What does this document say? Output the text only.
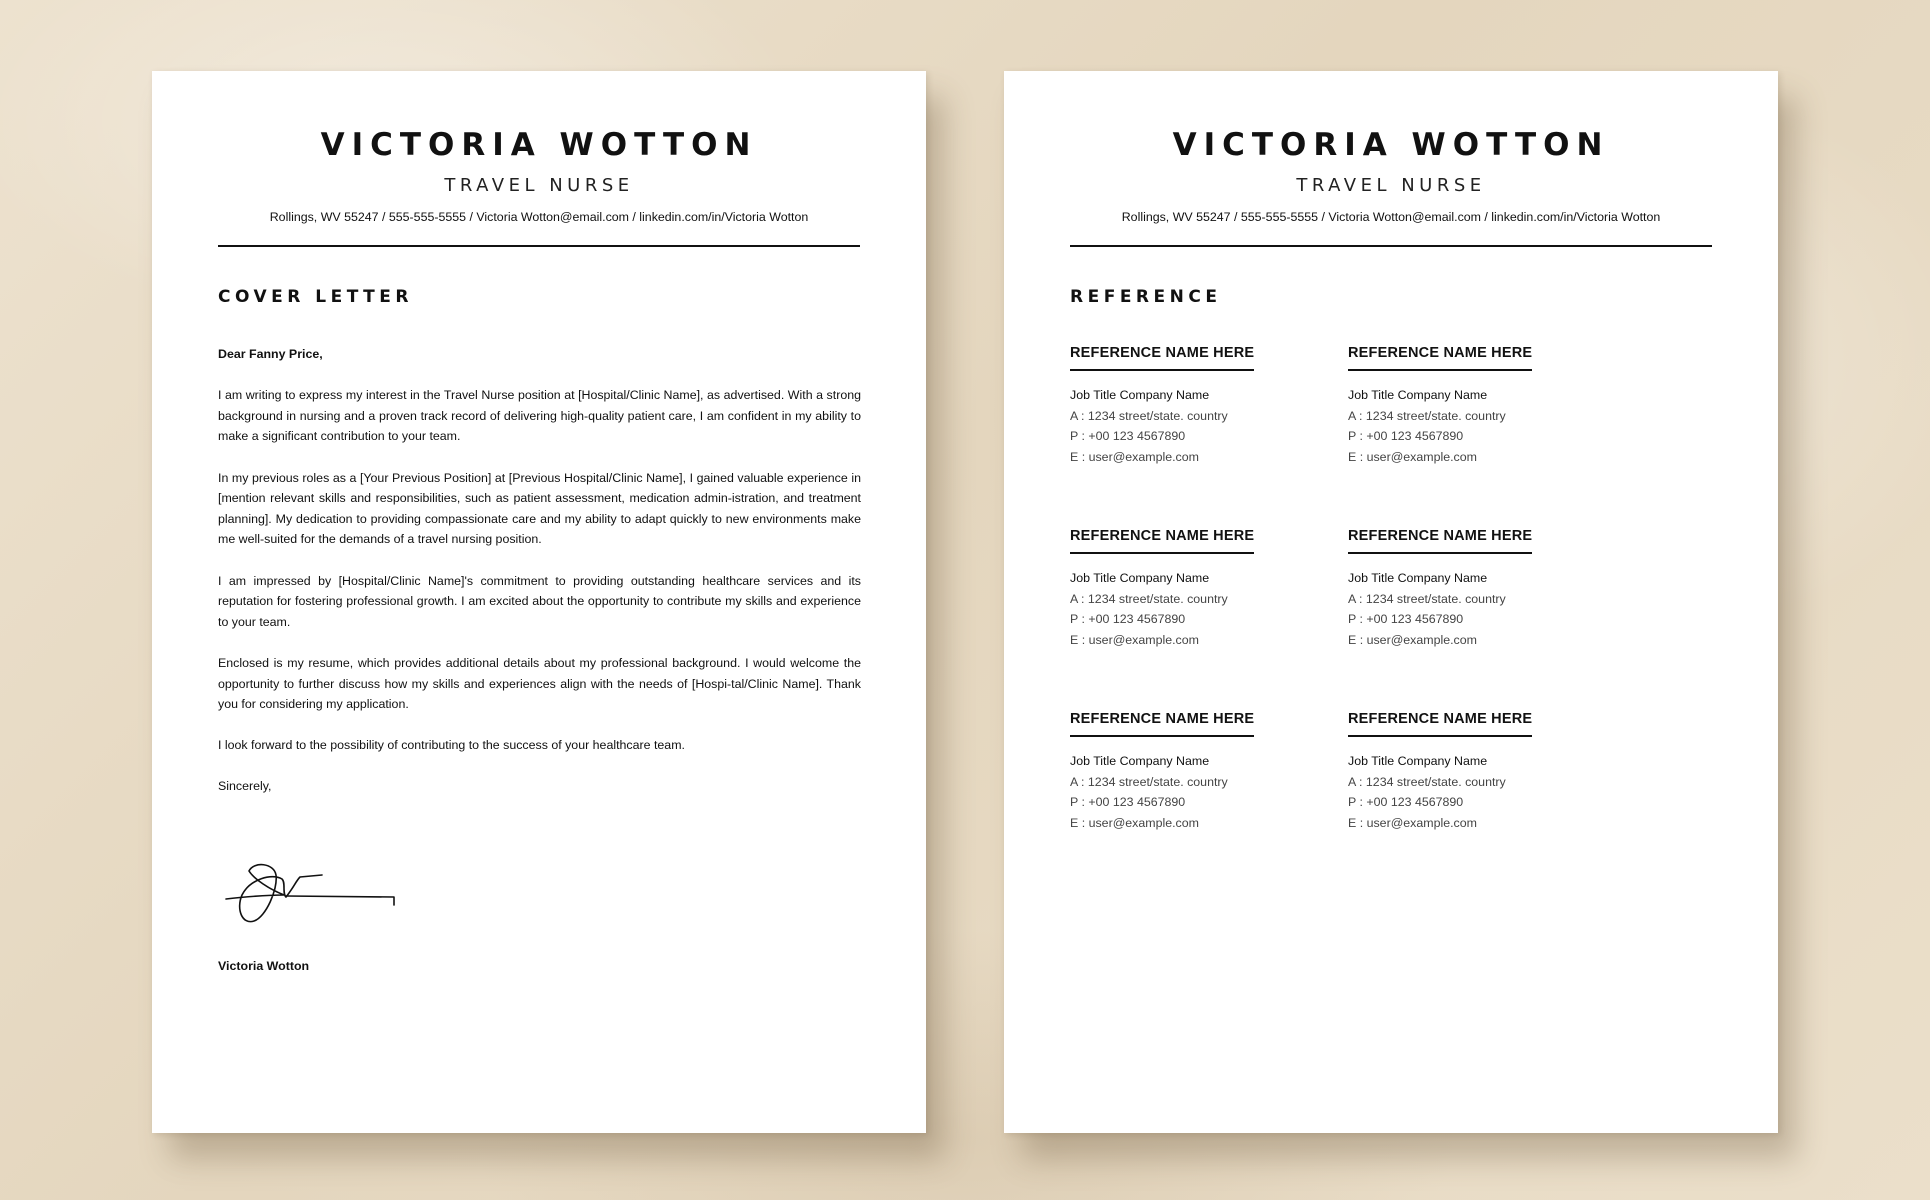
VICTORIA WOTTON
TRAVEL NURSE
Rollings, WV 55247 / 555-555-5555 / Victoria Wotton@email.com / linkedin.com/in/Victoria Wotton
COVER LETTER

Dear Fanny Price,

I am writing to express my interest in the Travel Nurse position at [Hospital/Clinic Name], as advertised. With a strong background in nursing and a proven track record of delivering high-quality patient care, I am confident in my ability to make a significant contribution to your team.

In my previous roles as a [Your Previous Position] at [Previous Hospital/Clinic Name], I gained valuable experience in [mention relevant skills and responsibilities, such as patient assessment, medication admin-istration, and treatment planning]. My dedication to providing compassionate care and my ability to adapt quickly to new environments make me well-suited for the demands of a travel nursing position.

I am impressed by [Hospital/Clinic Name]'s commitment to providing outstanding healthcare services and its reputation for fostering professional growth. I am excited about the opportunity to contribute my skills and experience to your team.

Enclosed is my resume, which provides additional details about my professional background. I would welcome the opportunity to further discuss how my skills and experiences align with the needs of [Hospi-tal/Clinic Name]. Thank you for considering my application.

I look forward to the possibility of contributing to the success of your healthcare team.

Sincerely,

Victoria Wotton
VICTORIA WOTTON
TRAVEL NURSE
Rollings, WV 55247 / 555-555-5555 / Victoria Wotton@email.com / linkedin.com/in/Victoria Wotton
REFERENCE
REFERENCE NAME HERE
Job Title Company Name
A : 1234 street/state. country
P : +00 123 4567890
E : user@example.com
REFERENCE NAME HERE
Job Title Company Name
A : 1234 street/state. country
P : +00 123 4567890
E : user@example.com
REFERENCE NAME HERE
Job Title Company Name
A : 1234 street/state. country
P : +00 123 4567890
E : user@example.com
REFERENCE NAME HERE
Job Title Company Name
A : 1234 street/state. country
P : +00 123 4567890
E : user@example.com
REFERENCE NAME HERE
Job Title Company Name
A : 1234 street/state. country
P : +00 123 4567890
E : user@example.com
REFERENCE NAME HERE
Job Title Company Name
A : 1234 street/state. country
P : +00 123 4567890
E : user@example.com
